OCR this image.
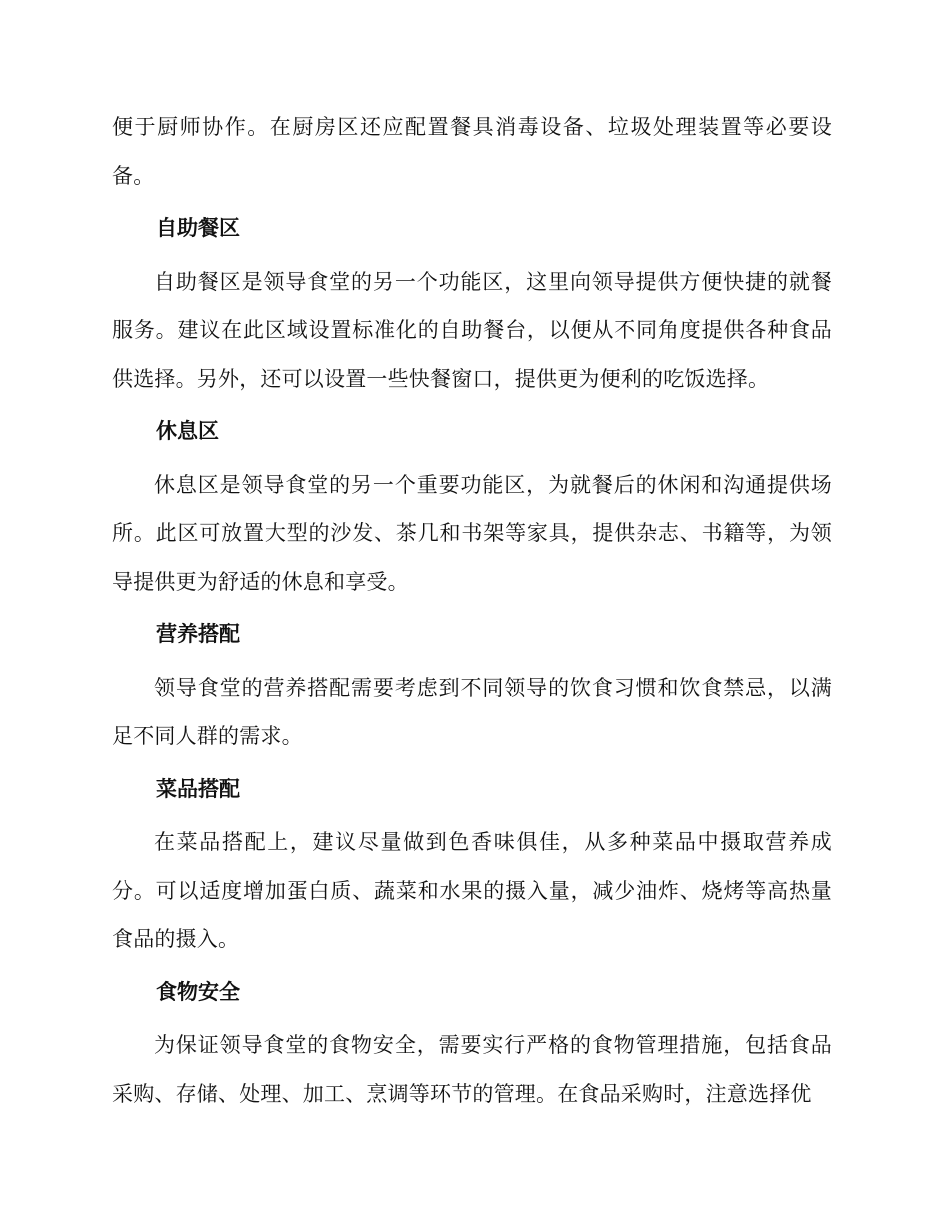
便于厨师协作。在厨房区还应配置餐具消毒设备、垃圾处理装置等必要设备。

自助餐区

自助餐区是领导食堂的另一个功能区，这里向领导提供方便快捷的就餐服务。建议在此区域设置标准化的自助餐台，以便从不同角度提供各种食品供选择。另外，还可以设置一些快餐窗口，提供更为便利的吃饭选择。

休息区

休息区是领导食堂的另一个重要功能区，为就餐后的休闲和沟通提供场所。此区可放置大型的沙发、茶几和书架等家具，提供杂志、书籍等，为领导提供更为舒适的休息和享受。

营养搭配

领导食堂的营养搭配需要考虑到不同领导的饮食习惯和饮食禁忌，以满足不同人群的需求。

菜品搭配

在菜品搭配上，建议尽量做到色香味俱佳，从多种菜品中摄取营养成分。可以适度增加蛋白质、蔬菜和水果的摄入量，减少油炸、烧烤等高热量食品的摄入。

食物安全

为保证领导食堂的食物安全，需要实行严格的食物管理措施，包括食品采购、存储、处理、加工、烹调等环节的管理。在食品采购时，注意选择优
